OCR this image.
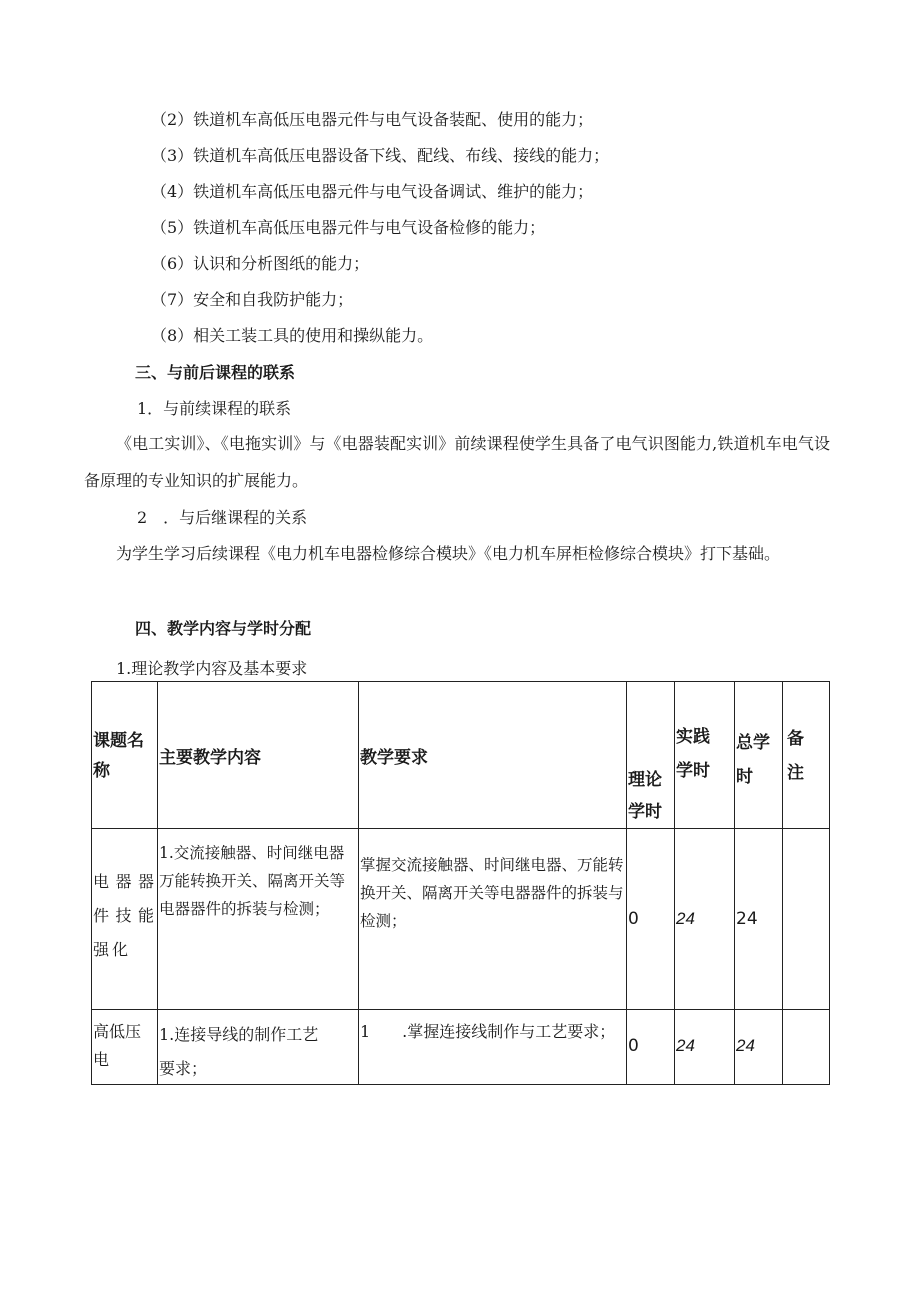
（2）铁道机车高低压电器元件与电气设备装配、使用的能力；
（3）铁道机车高低压电器设备下线、配线、布线、接线的能力；
（4）铁道机车高低压电器元件与电气设备调试、维护的能力；
（5）铁道机车高低压电器元件与电气设备检修的能力；
（6）认识和分析图纸的能力；
（7）安全和自我防护能力；
（8）相关工装工具的使用和操纵能力。
三、与前后课程的联系
1．与前续课程的联系
《电工实训》、《电拖实训》与《电器装配实训》前续课程使学生具备了电气识图能力,铁道机车电气设备原理的专业知识的扩展能力。
2　．与后继课程的关系
为学生学习后续课程《电力机车电器检修综合模块》《电力机车屏柜检修综合模块》打下基础。
四、教学内容与学时分配
1.理论教学内容及基本要求
课题名称	主要教学内容	教学要求	理论学时	实践学时	总学时	备注

电器器件技能强化	1.交流接触器、时间继电器万能转换开关、隔离开关等电器器件的拆装与检测；	掌握交流接触器、时间继电器、万能转换开关、隔离开关等电器器件的拆装与检测；	0	24	24	

高低压电	1.连接导线的制作工艺要求；	1　　.掌握连接线制作与工艺要求；	0	24	24	
